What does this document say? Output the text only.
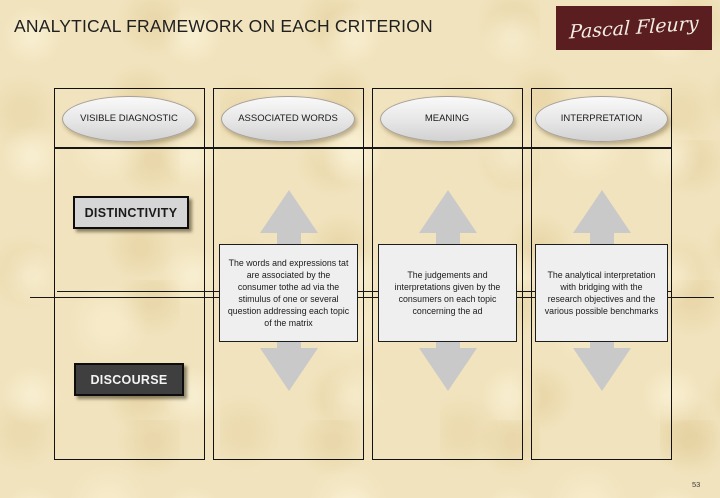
ANALYTICAL FRAMEWORK ON EACH CRITERION	Pascal Fleury
VISIBLE DIAGNOSTIC	ASSOCIATED WORDS	MEANING	INTERPRETATION
DISTINCTIVITY
DISCOURSE
The words and expressions tat are associated by the consumer tothe ad via the stimulus of one or several question addressing each topic of the matrix
The judgements and interpretations given by the consumers on each topic concerning the ad
The analytical interpretation with bridging with the research objectives and the various possible benchmarks
53
